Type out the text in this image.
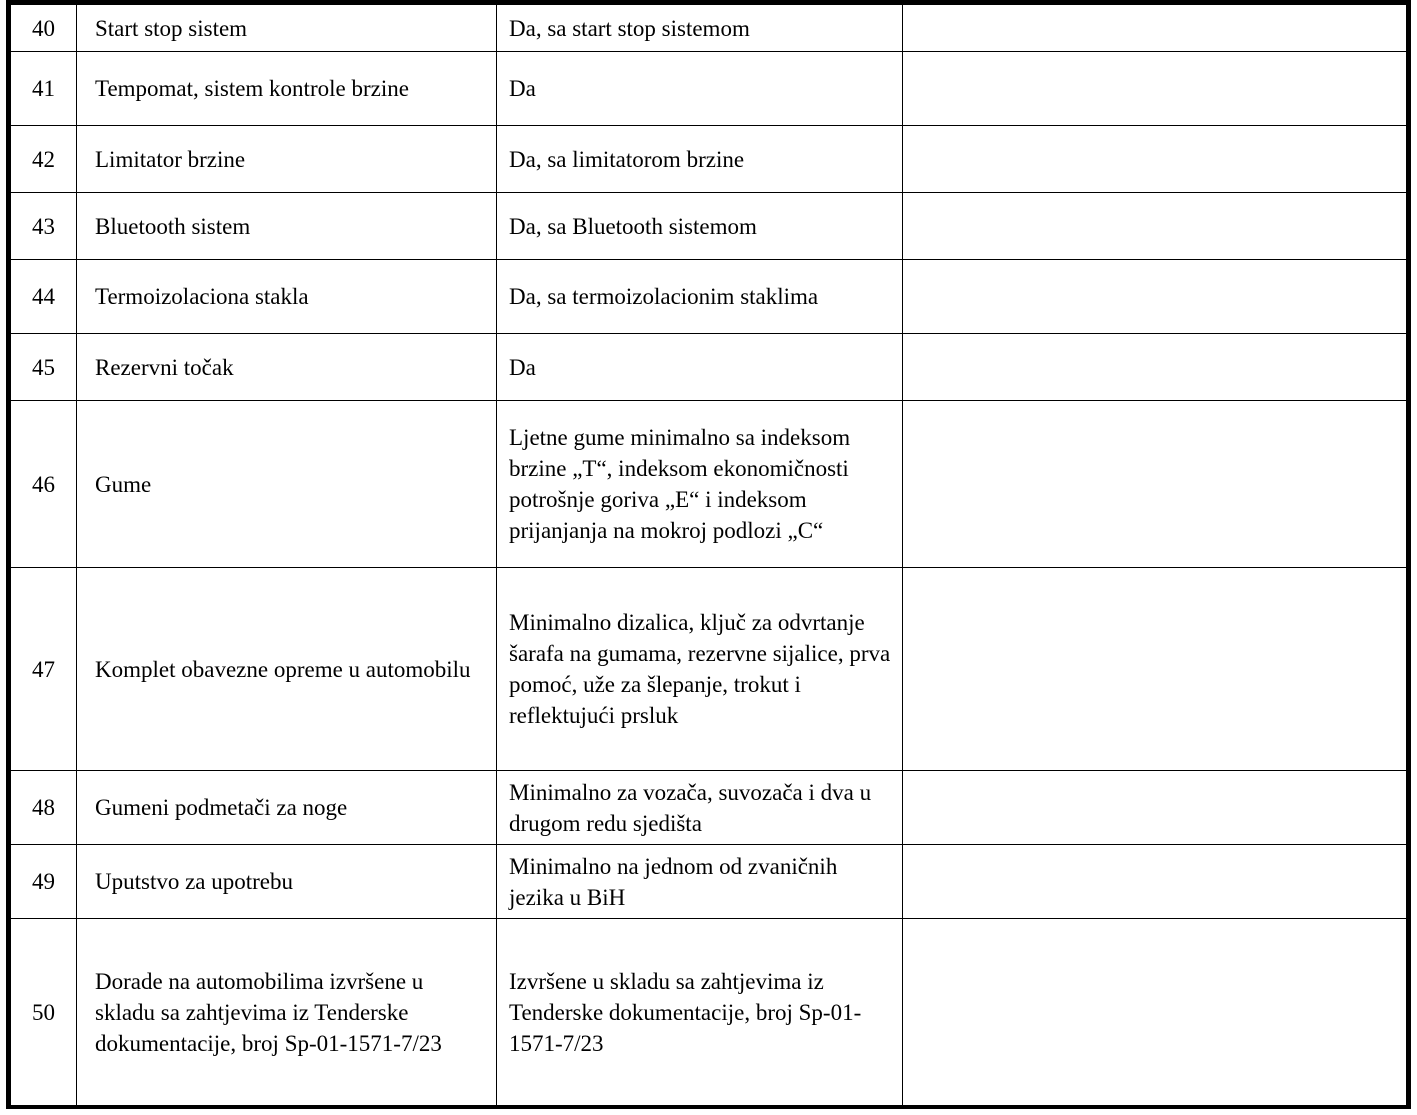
40	Start stop sistem	Da, sa start stop sistemom	
41	Tempomat, sistem kontrole brzine	Da	
42	Limitator brzine	Da, sa limitatorom brzine	
43	Bluetooth sistem	Da, sa Bluetooth sistemom	
44	Termoizolaciona stakla	Da, sa termoizolacionim staklima	
45	Rezervni točak	Da	
46	Gume	Ljetne gume minimalno sa indeksom brzine „T“, indeksom ekonomičnosti potrošnje goriva „E“ i indeksom prijanjanja na mokroj podlozi „C“	
47	Komplet obavezne opreme u automobilu	Minimalno dizalica, ključ za odvrtanje šarafa na gumama, rezervne sijalice, prva pomoć, uže za šlepanje, trokut i reflektujući prsluk	
48	Gumeni podmetači za noge	Minimalno za vozača, suvozača i dva u drugom redu sjedišta	
49	Uputstvo za upotrebu	Minimalno na jednom od zvaničnih jezika u BiH	
50	Dorade na automobilima izvršene u skladu sa zahtjevima iz Tenderske dokumentacije, broj Sp-01-1571-7/23	Izvršene u skladu sa zahtjevima iz Tenderske dokumentacije, broj Sp-01-1571-7/23	
